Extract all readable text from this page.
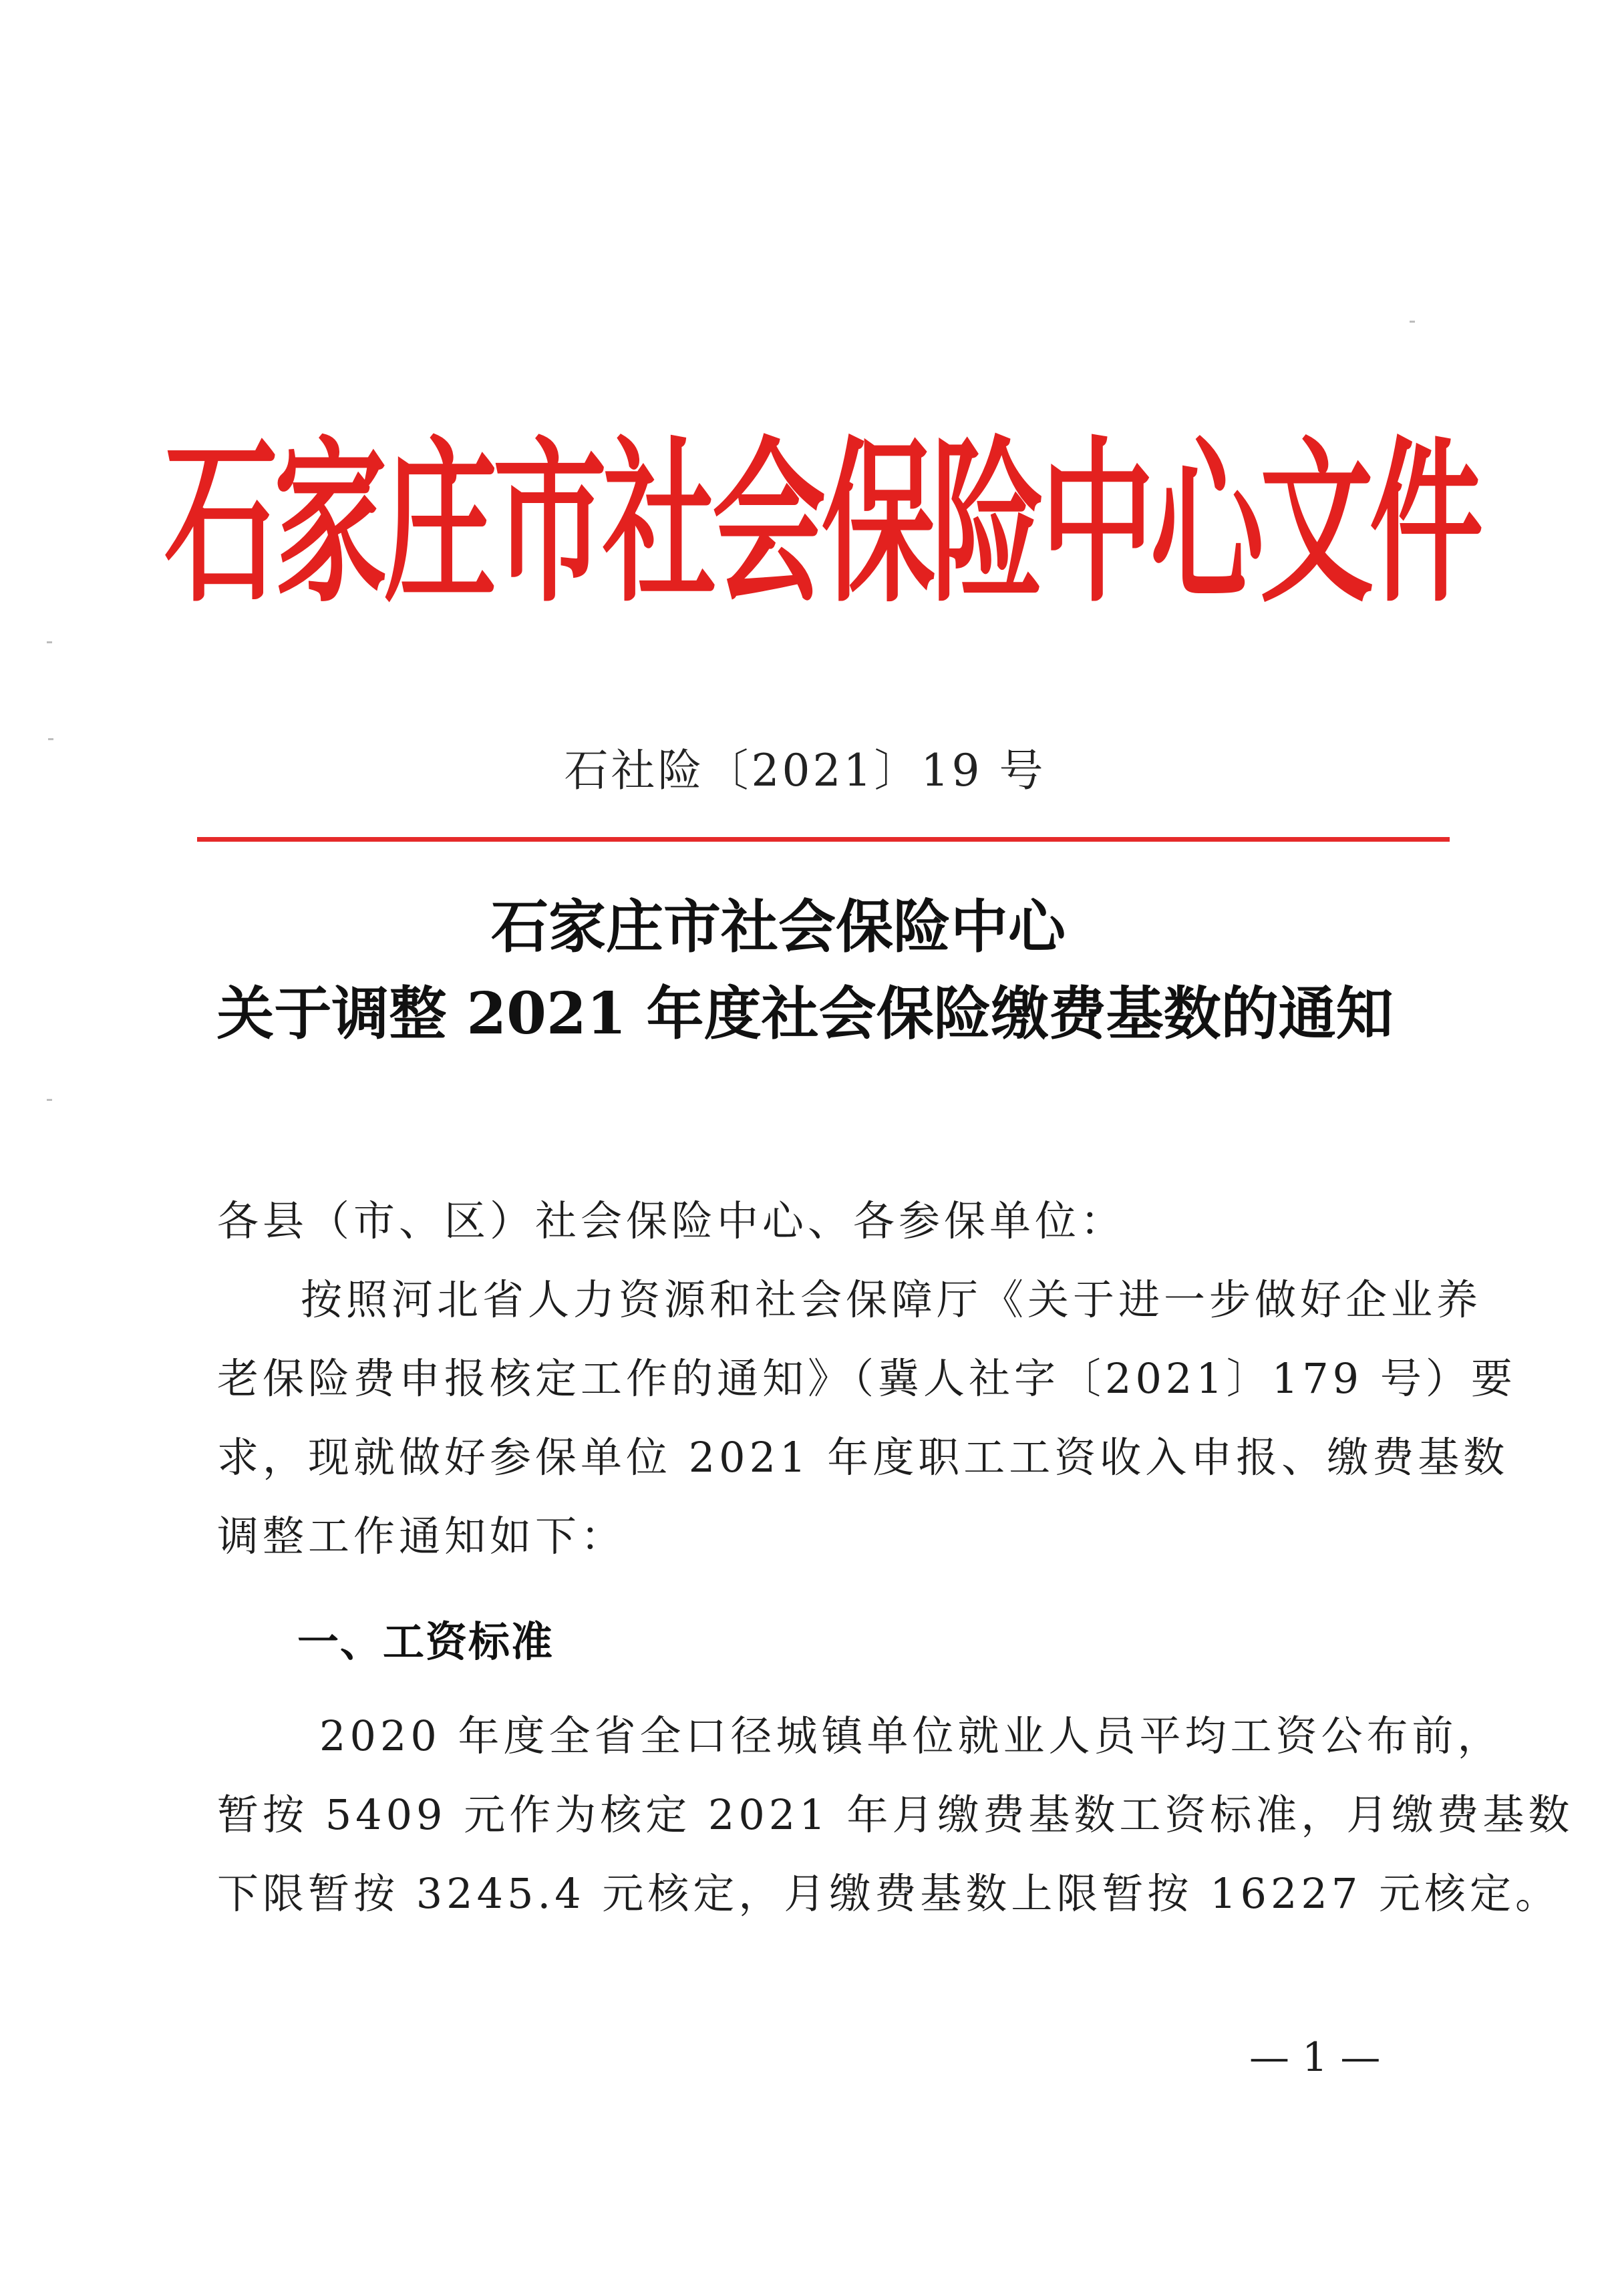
石家庄市社会保险中心文件
石社险〔2021〕19 号
石家庄市社会保险中心
关于调整 2021 年度社会保险缴费基数的通知
各县（市、区）社会保险中心、各参保单位：
按照河北省人力资源和社会保障厅《关于进一步做好企业养
老保险费申报核定工作的通知》（冀人社字〔2021〕179 号）要
求，现就做好参保单位 2021 年度职工工资收入申报、缴费基数
调整工作通知如下：
一、工资标准
2020 年度全省全口径城镇单位就业人员平均工资公布前，
暂按 5409 元作为核定 2021 年月缴费基数工资标准，月缴费基数
下限暂按 3245.4 元核定，月缴费基数上限暂按 16227 元核定。
— 1 —
